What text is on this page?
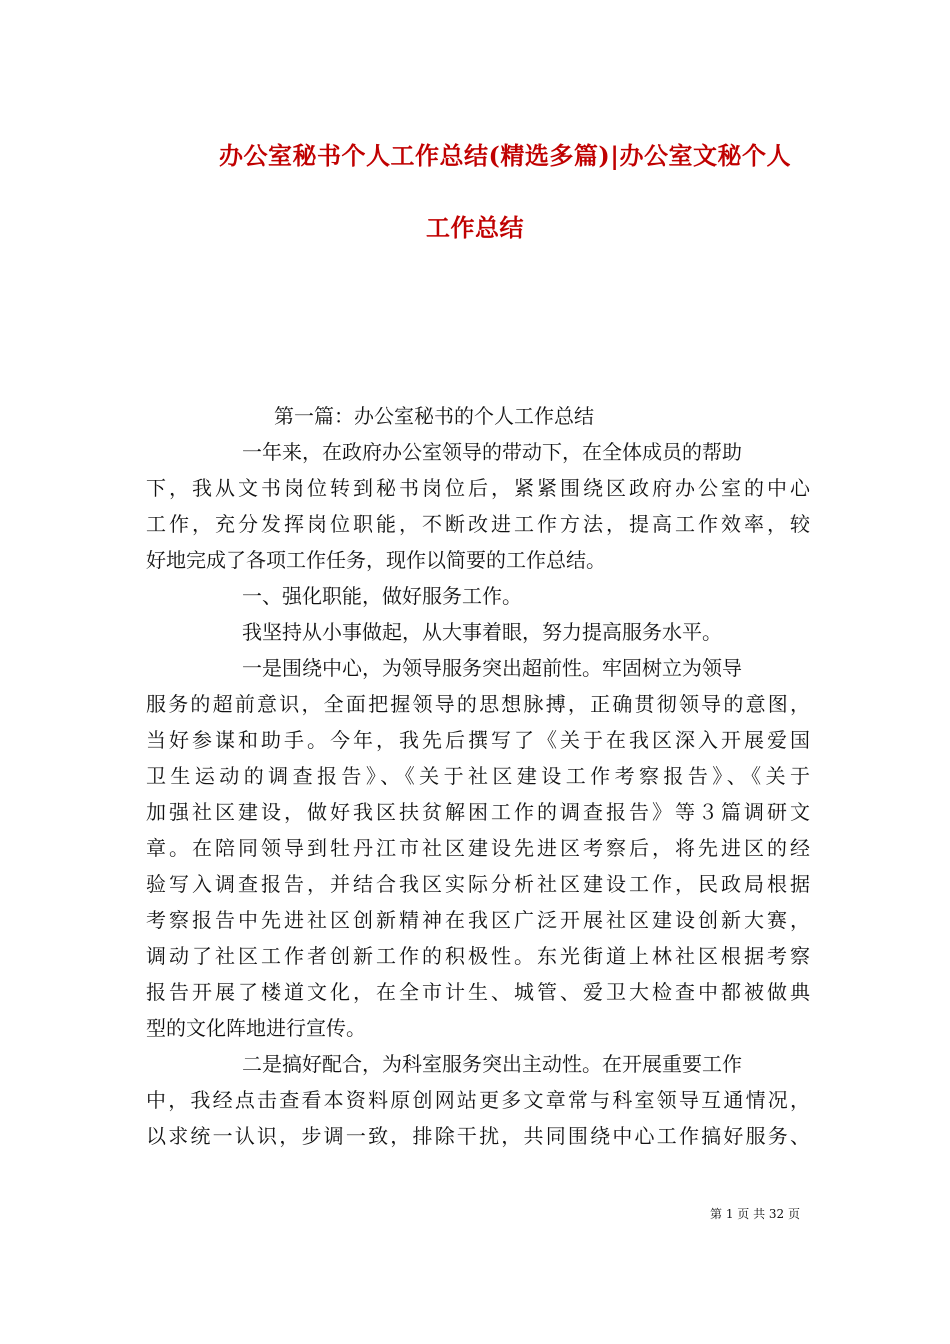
办公室秘书个人工作总结(精选多篇)|办公室文秘个人
工作总结
第一篇：办公室秘书的个人工作总结
一年来，在政府办公室领导的带动下，在全体成员的帮助
下，我从文书岗位转到秘书岗位后，紧紧围绕区政府办公室的中心
工作，充分发挥岗位职能，不断改进工作方法，提高工作效率，较
好地完成了各项工作任务，现作以简要的工作总结。
一、强化职能，做好服务工作。
我坚持从小事做起，从大事着眼，努力提高服务水平。
一是围绕中心，为领导服务突出超前性。牢固树立为领导
服务的超前意识，全面把握领导的思想脉搏，正确贯彻领导的意图，
当好参谋和助手。今年，我先后撰写了《关于在我区深入开展爱国
卫生运动的调查报告》、《关于社区建设工作考察报告》、《关于
加强社区建设，做好我区扶贫解困工作的调查报告》等３篇调研文
章。在陪同领导到牡丹江市社区建设先进区考察后，将先进区的经
验写入调查报告，并结合我区实际分析社区建设工作，民政局根据
考察报告中先进社区创新精神在我区广泛开展社区建设创新大赛，
调动了社区工作者创新工作的积极性。东光街道上林社区根据考察
报告开展了楼道文化，在全市计生、城管、爱卫大检查中都被做典
型的文化阵地进行宣传。
二是搞好配合，为科室服务突出主动性。在开展重要工作
中，我经点击查看本资料原创网站更多文章常与科室领导互通情况，
以求统一认识，步调一致，排除干扰，共同围绕中心工作搞好服务、
第 1 页 共 32 页
